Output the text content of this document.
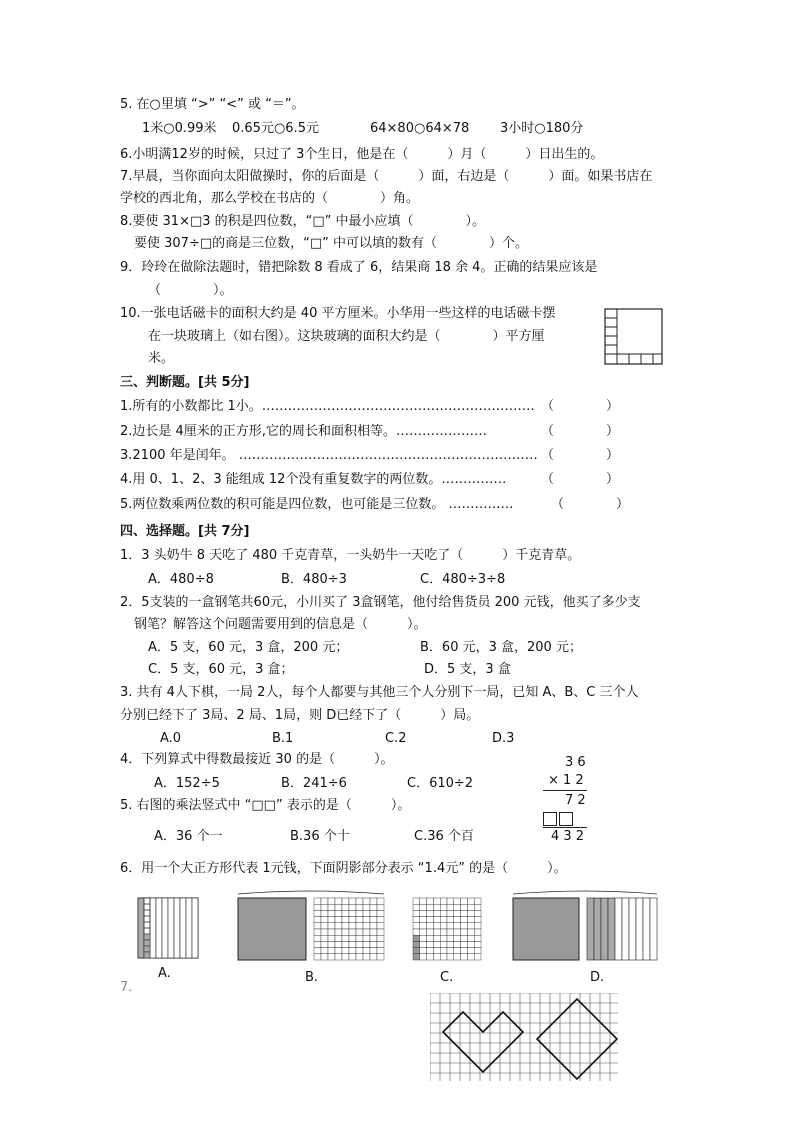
5. 在○里填 “>” “<” 或 “＝”。
1米○0.99米 0.65元○6.5元	64×80○64×78 3小时○180分
6.小明满12岁的时候，只过了 3个生日，他是在（　　　）月（　　　）日出生的。
7.早晨，当你面向太阳做操时，你的后面是（　　　）面，右边是（　　　）面。如果书店在
学校的西北角，那么学校在书店的（　　　　）角。
8.要使 31×□3 的积是四位数，“□” 中最小应填（　　　　）。
要使 307÷□的商是三位数，“□” 中可以填的数有（　　　　）个。
9．玲玲在做除法题时，错把除数 8 看成了 6，结果商 18 余 4。正确的结果应该是
（　　　　）。
10.一张电话磁卡的面积大约是 40 平方厘米。小华用一些这样的电话磁卡摆
在一块玻璃上（如右图）。这块玻璃的面积大约是（　　　　）平方厘
米。
三、判断题。[共 5分]
1.所有的小数都比 1小。……………………………………………………… （　　　　）
2.边长是 4厘米的正方形,它的周长和面积相等。…………………	（　　　　）
3.2100 年是闰年。 …………………………………………………………… （　　　　）
4.用 0、1、2、3 能组成 12个没有重复数字的两位数。……………	（　　　　）
5.两位数乘两位数的积可能是四位数，也可能是三位数。 ……………	（　　　　）
四、选择题。[共 7分]
1．3 头奶牛 8 天吃了 480 千克青草，一头奶牛一天吃了（　　　）千克青草。
A．480÷8	B．480÷3	C．480÷3÷8
2．5支装的一盒钢笔共60元，小川买了 3盒钢笔，他付给售货员 200 元钱，他买了多少支
钢笔？解答这个问题需要用到的信息是（　　　）。
A．5 支，60 元，3 盒，200 元；	B．60 元，3 盒，200 元；
C．5 支，60 元，3 盒；	D．5 支，3 盒
3. 共有 4人下棋，一局 2人，每个人都要与其他三个人分别下一局，已知 A、B、C 三个人
分别已经下了 3局、2 局、1局，则 D已经下了（　　　）局。
A.0	B.1	C.2	D.3
4．下列算式中得数最接近 30 的是（　　　）。
A．152÷5	B．241÷6	C．610÷2
5. 右图的乘法竖式中 “□□” 表示的是（　　　）。
A．36 个一	B.36 个十	C.36 个百
3 6
× 1 2
7 2
4 3 2
6．用一个大正方形代表 1元钱，下面阴影部分表示 “1.4元” 的是（　　　）。
A.	B.	C.	D.
7．
